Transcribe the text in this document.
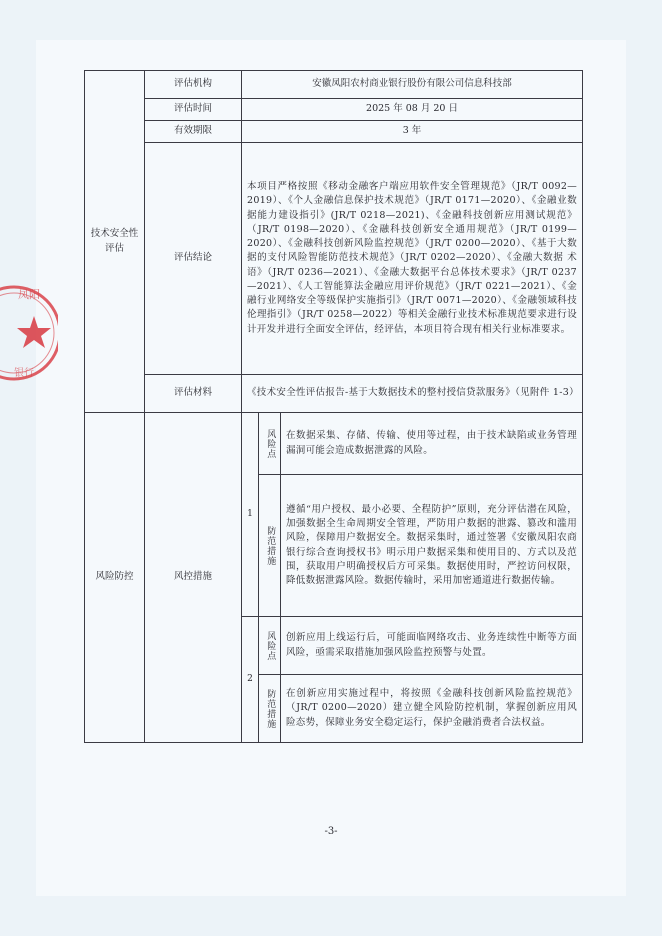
凤阳
银行
技术安全性评估	评估机构	安徽凤阳农村商业银行股份有限公司信息科技部		
	评估时间	2025 年 08 月 20 日		
	有效期限	3 年		
	评估结论	本项目严格按照《移动金融客户端应用软件安全管理规范》（JR/T 0092—2019）、《个人金融信息保护技术规范》（JR/T 0171—2020）、《金融业数据能力建设指引》(JR/T 0218—2021)、《金融科技创新应用测试规范》（JR/T 0198—2020）、《金融科技创新安全通用规范》（JR/T 0199—2020）、《金融科技创新风险监控规范》（JR/T 0200—2020）、《基于大数据的支付风险智能防范技术规范》（JR/T 0202—2020）、《金融大数据 术语》（JR/T 0236—2021）、《金融大数据平台总体技术要求》（JR/T 0237—2021）、《人工智能算法金融应用评价规范》（JR/T 0221—2021）、《金融行业网络安全等级保护实施指引》（JR/T 0071—2020）、《金融领域科技伦理指引》（JR/T 0258—2022）等相关金融行业技术标准规范要求进行设计开发并进行全面安全评估，经评估，本项目符合现有相关行业标准要求。		
	评估材料	《技术安全性评估报告-基于大数据技术的整村授信贷款服务》（见附件 1-3）		
风险防控	风控措施	1	风险点	在数据采集、存储、传输、使用等过程，由于技术缺陷或业务管理漏洞可能会造成数据泄露的风险。

			防范措施	遵循“用户授权、最小必要、全程防护”原则，充分评估潜在风险，加强数据全生命周期安全管理，严防用户数据的泄露、篡改和滥用风险，保障用户数据安全。数据采集时，通过签署《安徽凤阳农商银行综合查询授权书》明示用户数据采集和使用目的、方式以及范围，获取用户明确授权后方可采集。数据使用时，严控访问权限，降低数据泄露风险。数据传输时，采用加密通道进行数据传输。
		2	风险点	创新应用上线运行后，可能面临网络攻击、业务连续性中断等方面风险，亟需采取措施加强风险监控预警与处置。

			防范措施	在创新应用实施过程中，将按照《金融科技创新风险监控规范》（JR/T 0200—2020）建立健全风险防控机制，掌握创新应用风险态势，保障业务安全稳定运行，保护金融消费者合法权益。
-3-
